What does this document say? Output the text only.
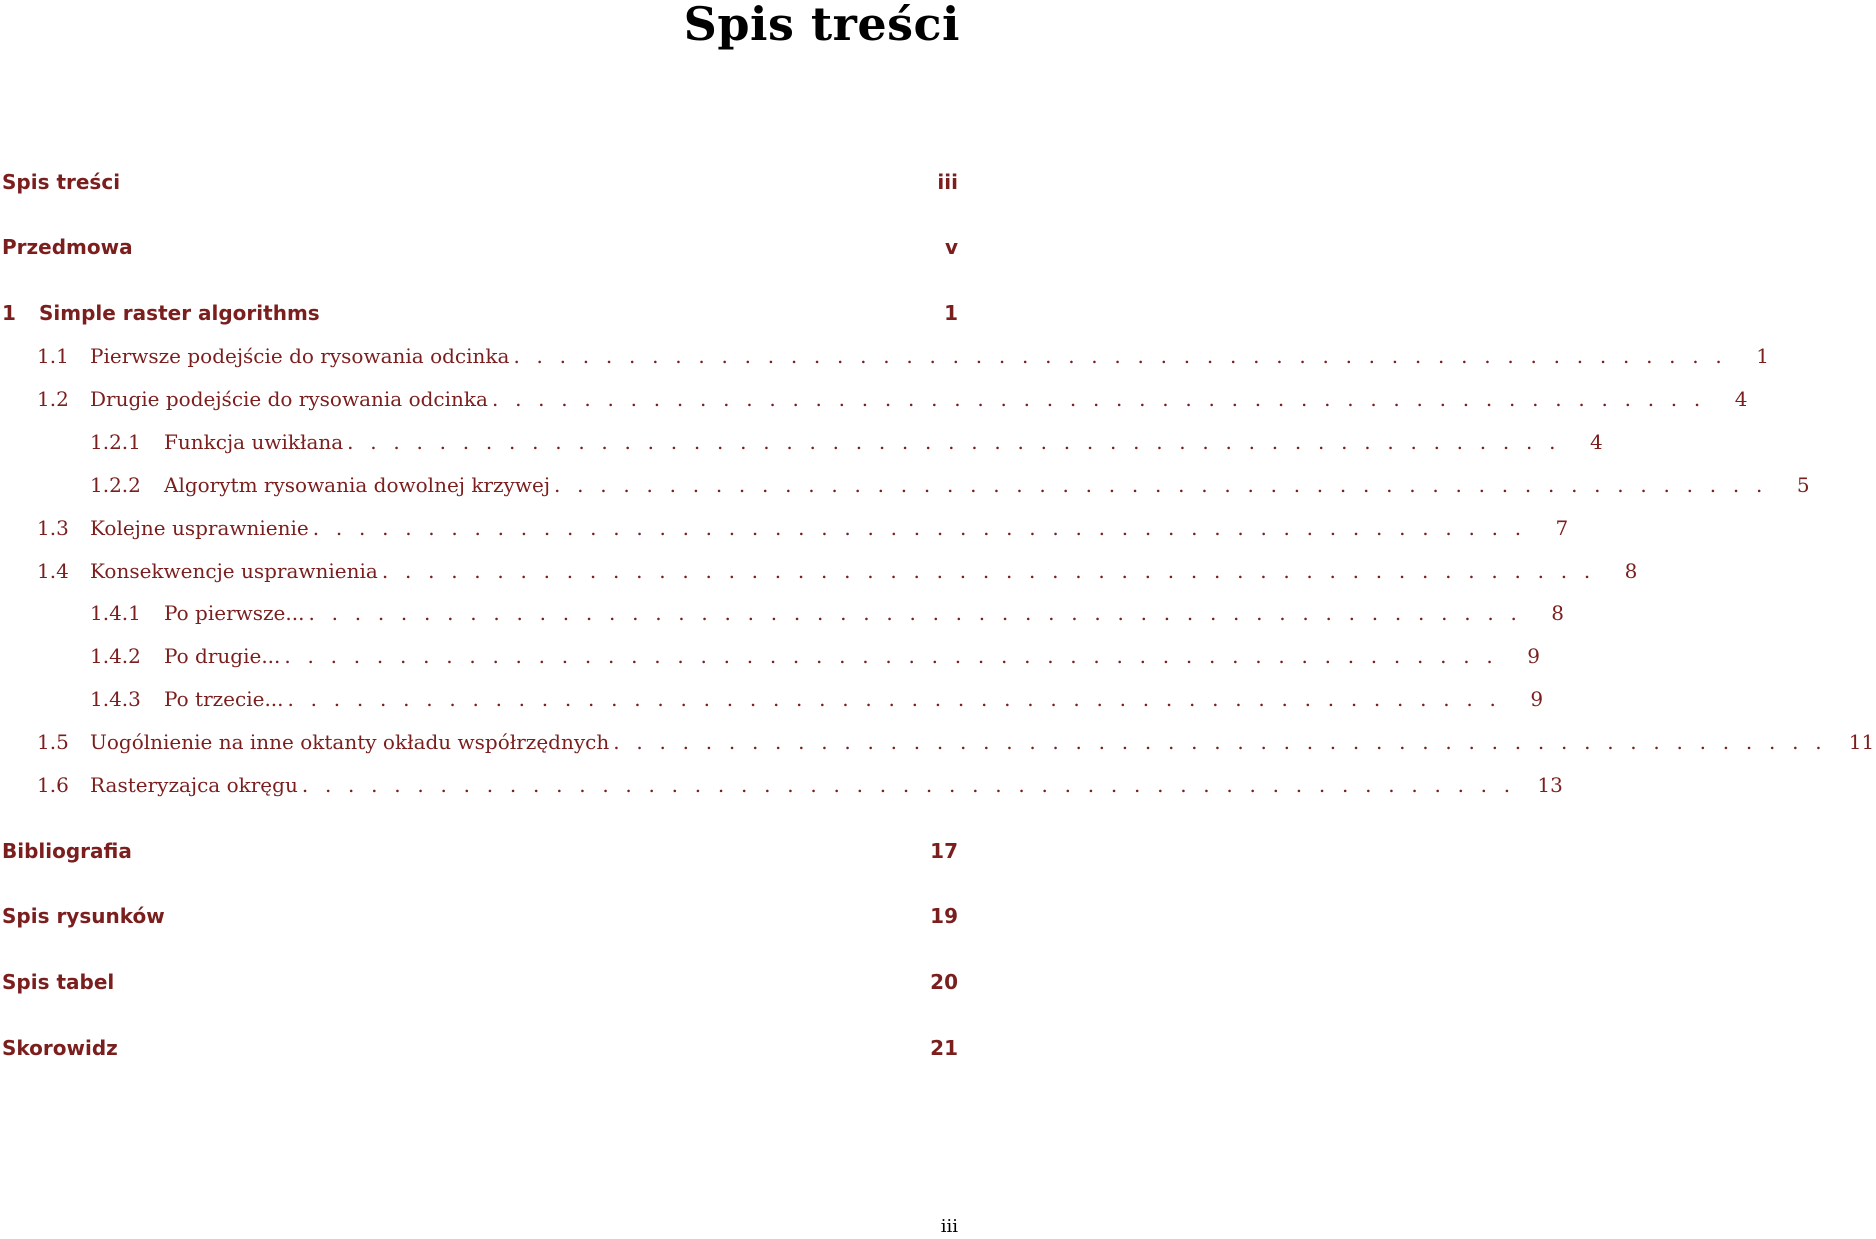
Spis treści
Spis treści	iii
Przedmowa	v
1	Simple raster algorithms	1
1.1	Pierwsze podejście do rysowania odcinka . . . . . . . . . . . . . . . . . . . . . . . . . . . . . . . . . . . . . . . . . . . . . . . . . . . . .	1
1.2	Drugie podejście do rysowania odcinka . . . . . . . . . . . . . . . . . . . . . . . . . . . . . . . . . . . . . . . . . . . . . . . . . . . . .	4
1.2.1	Funkcja uwikłana . . . . . . . . . . . . . . . . . . . . . . . . . . . . . . . . . . . . . . . . . . . . . . . . . . . . .	4
1.2.2	Algorytm rysowania dowolnej krzywej . . . . . . . . . . . . . . . . . . . . . . . . . . . . . . . . . . . . . . . . . . . . . . . . . . . . .	5
1.3	Kolejne usprawnienie . . . . . . . . . . . . . . . . . . . . . . . . . . . . . . . . . . . . . . . . . . . . . . . . . . . . .	7
1.4	Konsekwencje usprawnienia . . . . . . . . . . . . . . . . . . . . . . . . . . . . . . . . . . . . . . . . . . . . . . . . . . . . .	8
1.4.1	Po pierwsze... . . . . . . . . . . . . . . . . . . . . . . . . . . . . . . . . . . . . . . . . . . . . . . . . . . . . .	8
1.4.2	Po drugie... . . . . . . . . . . . . . . . . . . . . . . . . . . . . . . . . . . . . . . . . . . . . . . . . . . . . .	9
1.4.3	Po trzecie... . . . . . . . . . . . . . . . . . . . . . . . . . . . . . . . . . . . . . . . . . . . . . . . . . . . . .	9
1.5	Uogólnienie na inne oktanty okładu współrzędnych . . . . . . . . . . . . . . . . . . . . . . . . . . . . . . . . . . . . . . . . . . . . . . . . . . . . . 11
1.6	Rasteryzajca okręgu . . . . . . . . . . . . . . . . . . . . . . . . . . . . . . . . . . . . . . . . . . . . . . . . . . . . . 13
Bibliografia	17
Spis rysunków	19
Spis tabel	20
Skorowidz	21
iii
